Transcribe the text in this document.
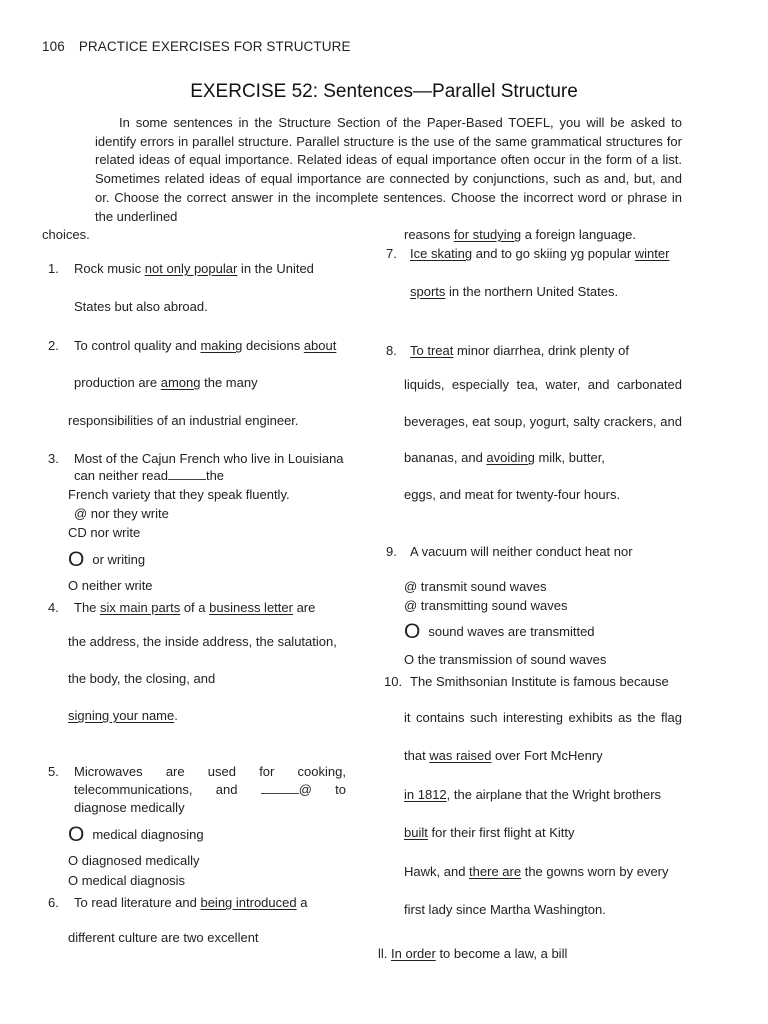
106 PRACTICE EXERCISES FOR STRUCTURE
EXERCISE 52: Sentences—Parallel Structure
In some sentences in the Structure Section of the Paper-Based TOEFL, you will be asked to identify errors in parallel structure. Parallel structure is the use of the same grammatical structures for related ideas of equal importance. Related ideas of equal importance often occur in the form of a list. Sometimes related ideas of equal importance are connected by conjunctions, such as and, but, and or. Choose the correct answer in the incomplete sentences. Choose the incorrect word or phrase in the underlined
choices.
1. Rock music not only popular in the United
States but also abroad.
2. To control quality and making decisions about
production are among the many
responsibilities of an industrial engineer.
3. Most of the Cajun French who live in Louisiana
can neither read	the
French variety that they speak fluently.
@ nor they write
CD nor write
Oor writing
O neither write
4. The six main parts of a business letter are
the address, the inside address, the salutation,
the body, the closing, and
signing your name.
5. Microwaves are used for cooking,
telecommunications, and	@ to
diagnose medically
Omedical diagnosing
O diagnosed medically
O medical diagnosis
6. To read literature and being introduced a
different culture are two excellent
reasons for studying a foreign language.
7. Ice skating and to go skiing yg popular winter
sports in the northern United States.
8. To treat minor diarrhea, drink plenty of
liquids, especially tea, water, and carbonated
beverages, eat soup, yogurt, salty crackers, and
bananas, and avoiding milk, butter,
eggs, and meat for twenty-four hours.
9. A vacuum will neither conduct heat nor
@ transmit sound waves
@ transmitting sound waves
Osound waves are transmitted
O the transmission of sound waves
10. The Smithsonian Institute is famous because
it contains such interesting exhibits as the flag
that was raised over Fort McHenry
in 1812, the airplane that the Wright brothers
built for their first flight at Kitty
Hawk, and there are the gowns worn by every
first lady since Martha Washington.
ll. In order to become a law, a bill
